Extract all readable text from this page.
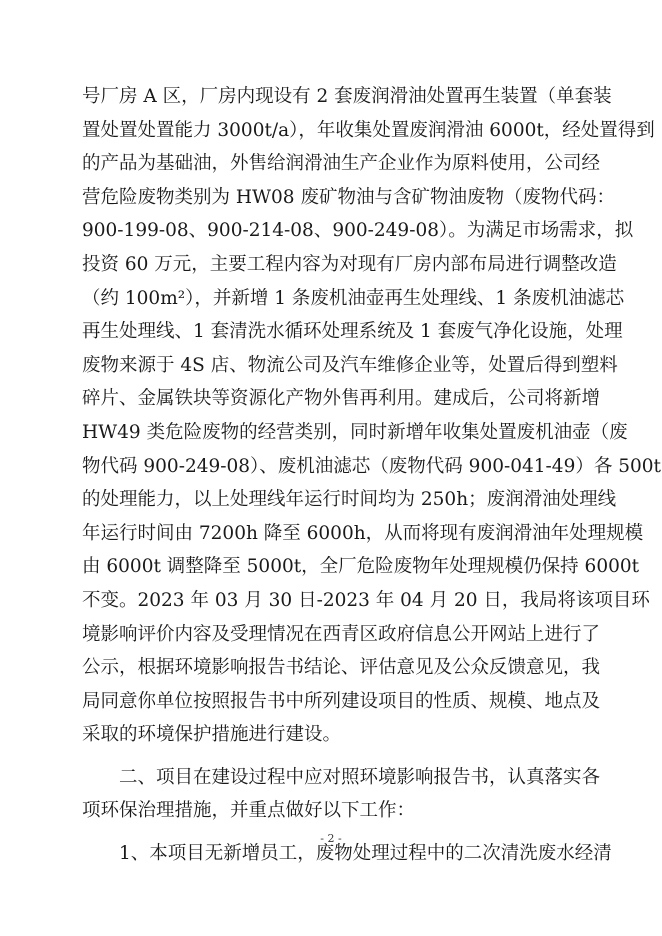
号厂房 A 区，厂房内现设有 2 套废润滑油处置再生装置（单套装
置处置处置能力 3000t/a），年收集处置废润滑油 6000t，经处置得到
的产品为基础油，外售给润滑油生产企业作为原料使用，公司经
营危险废物类别为 HW08 废矿物油与含矿物油废物（废物代码：
900-199-08、900-214-08、900-249-08）。为满足市场需求，拟
投资 60 万元，主要工程内容为对现有厂房内部布局进行调整改造
（约 100m²），并新增 1 条废机油壶再生处理线、1 条废机油滤芯
再生处理线、1 套清洗水循环处理系统及 1 套废气净化设施，处理
废物来源于 4S 店、物流公司及汽车维修企业等，处置后得到塑料
碎片、金属铁块等资源化产物外售再利用。建成后，公司将新增
HW49 类危险废物的经营类别，同时新增年收集处置废机油壶（废
物代码 900-249-08）、废机油滤芯（废物代码 900-041-49）各 500t
的处理能力，以上处理线年运行时间均为 250h；废润滑油处理线
年运行时间由 7200h 降至 6000h，从而将现有废润滑油年处理规模
由 6000t 调整降至 5000t，全厂危险废物年处理规模仍保持 6000t
不变。2023 年 03 月 30 日-2023 年 04 月 20 日，我局将该项目环
境影响评价内容及受理情况在西青区政府信息公开网站上进行了
公示，根据环境影响报告书结论、评估意见及公众反馈意见，我
局同意你单位按照报告书中所列建设项目的性质、规模、地点及
采取的环境保护措施进行建设。
二、项目在建设过程中应对照环境影响报告书，认真落实各
项环保治理措施，并重点做好以下工作：
1、本项目无新增员工，废物处理过程中的二次清洗废水经清
- 2 -
